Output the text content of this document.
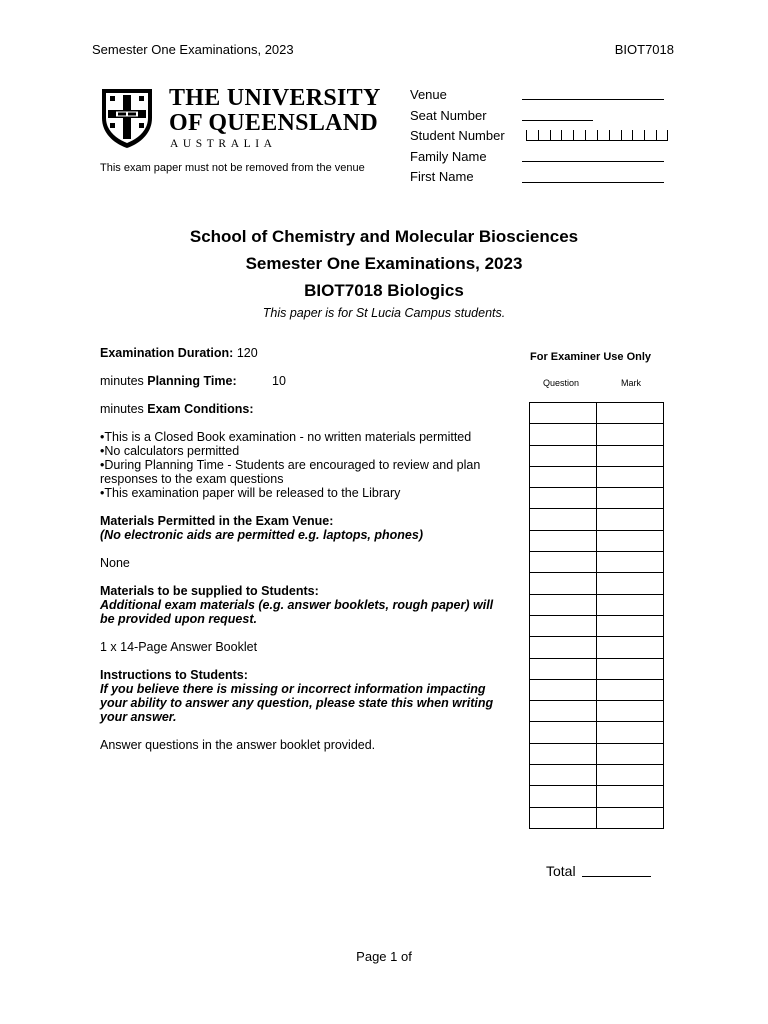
Semester One Examinations, 2023	BIOT7018
THE UNIVERSITY
OF QUEENSLAND
AUSTRALIA
This exam paper must not be removed from the venue
Venue
Seat Number
Student Number
Family Name
First Name
School of Chemistry and Molecular Biosciences
Semester One Examinations, 2023
BIOT7018 Biologics
This paper is for St Lucia Campus students.
Examination Duration: 120
minutes Planning Time:	10
minutes Exam Conditions:
•This is a Closed Book examination - no written materials permitted
•No calculators permitted
•During Planning Time - Students are encouraged to review and plan
responses to the exam questions
•This examination paper will be released to the Library
Materials Permitted in the Exam Venue:
(No electronic aids are permitted e.g. laptops, phones)
None
Materials to be supplied to Students:
Additional exam materials (e.g. answer booklets, rough paper) will
be provided upon request.
1 x 14-Page Answer Booklet
Instructions to Students:
If you believe there is missing or incorrect information impacting
your ability to answer any question, please state this when writing
your answer.
Answer questions in the answer booklet provided.
For Examiner Use Only
Question	Mark

Total
Page 1 of
